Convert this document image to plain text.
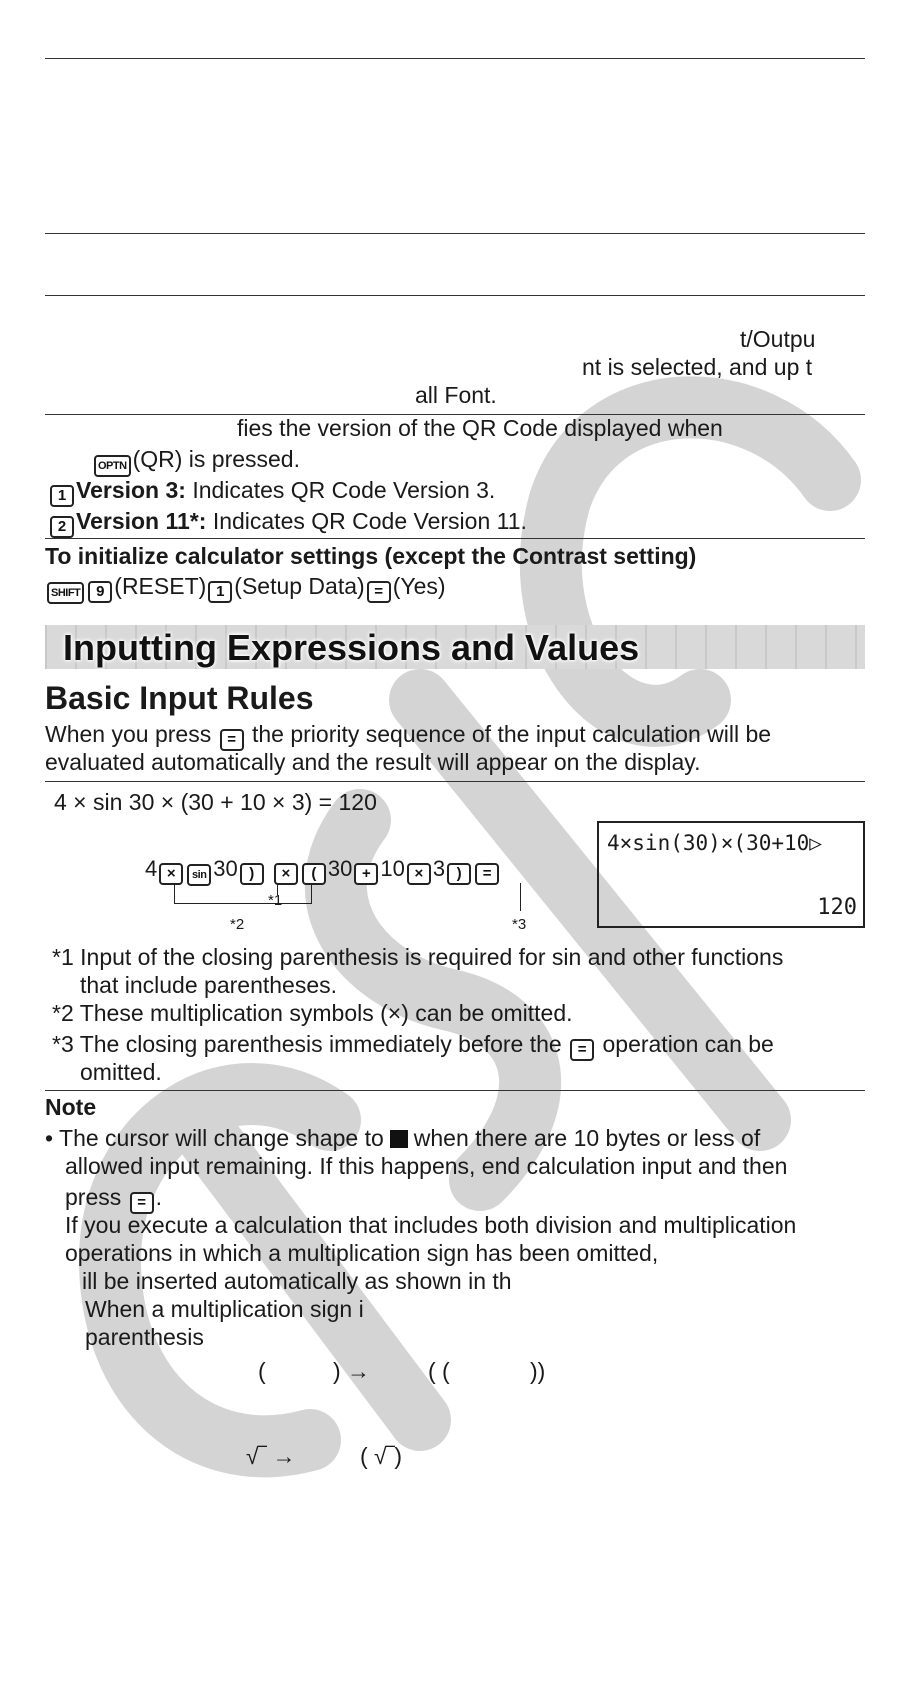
t/Outpu
nt is selected, and up t
all Font.
fies the version of the QR Code displayed when
OPTN (QR) is pressed.
1 Version 3: Indicates QR Code Version 3.
2 Version 11*: Indicates QR Code Version 11.
To initialize calculator settings (except the Contrast setting)
SHIFT 9 (RESET) 1 (Setup Data) = (Yes)
Inputting Expressions and Values
Basic Input Rules
When you press = the priority sequence of the input calculation will be
evaluated automatically and the result will appear on the display.
4 × sin 30 × (30 + 10 × 3) = 120
4 × sin 30 ) × ( 30 + 10 × 3 ) =
*1
*2	*3
4×sin(30)×(30+10▷
120
*1 Input of the closing parenthesis is required for sin and other functions
that include parentheses.
*2 These multiplication symbols (×) can be omitted.
*3 The closing parenthesis immediately before the = operation can be
omitted.
Note
• The cursor will change shape to when there are 10 bytes or less of
allowed input remaining. If this happens, end calculation input and then
press = .
If you execute a calculation that includes both division and multiplication
operations in which a multiplication sign has been omitted,
ill be inserted automatically as shown in th
When a multiplication sign i
parenthesis
(	) →	( (	))
√‾ →	( √‾)
